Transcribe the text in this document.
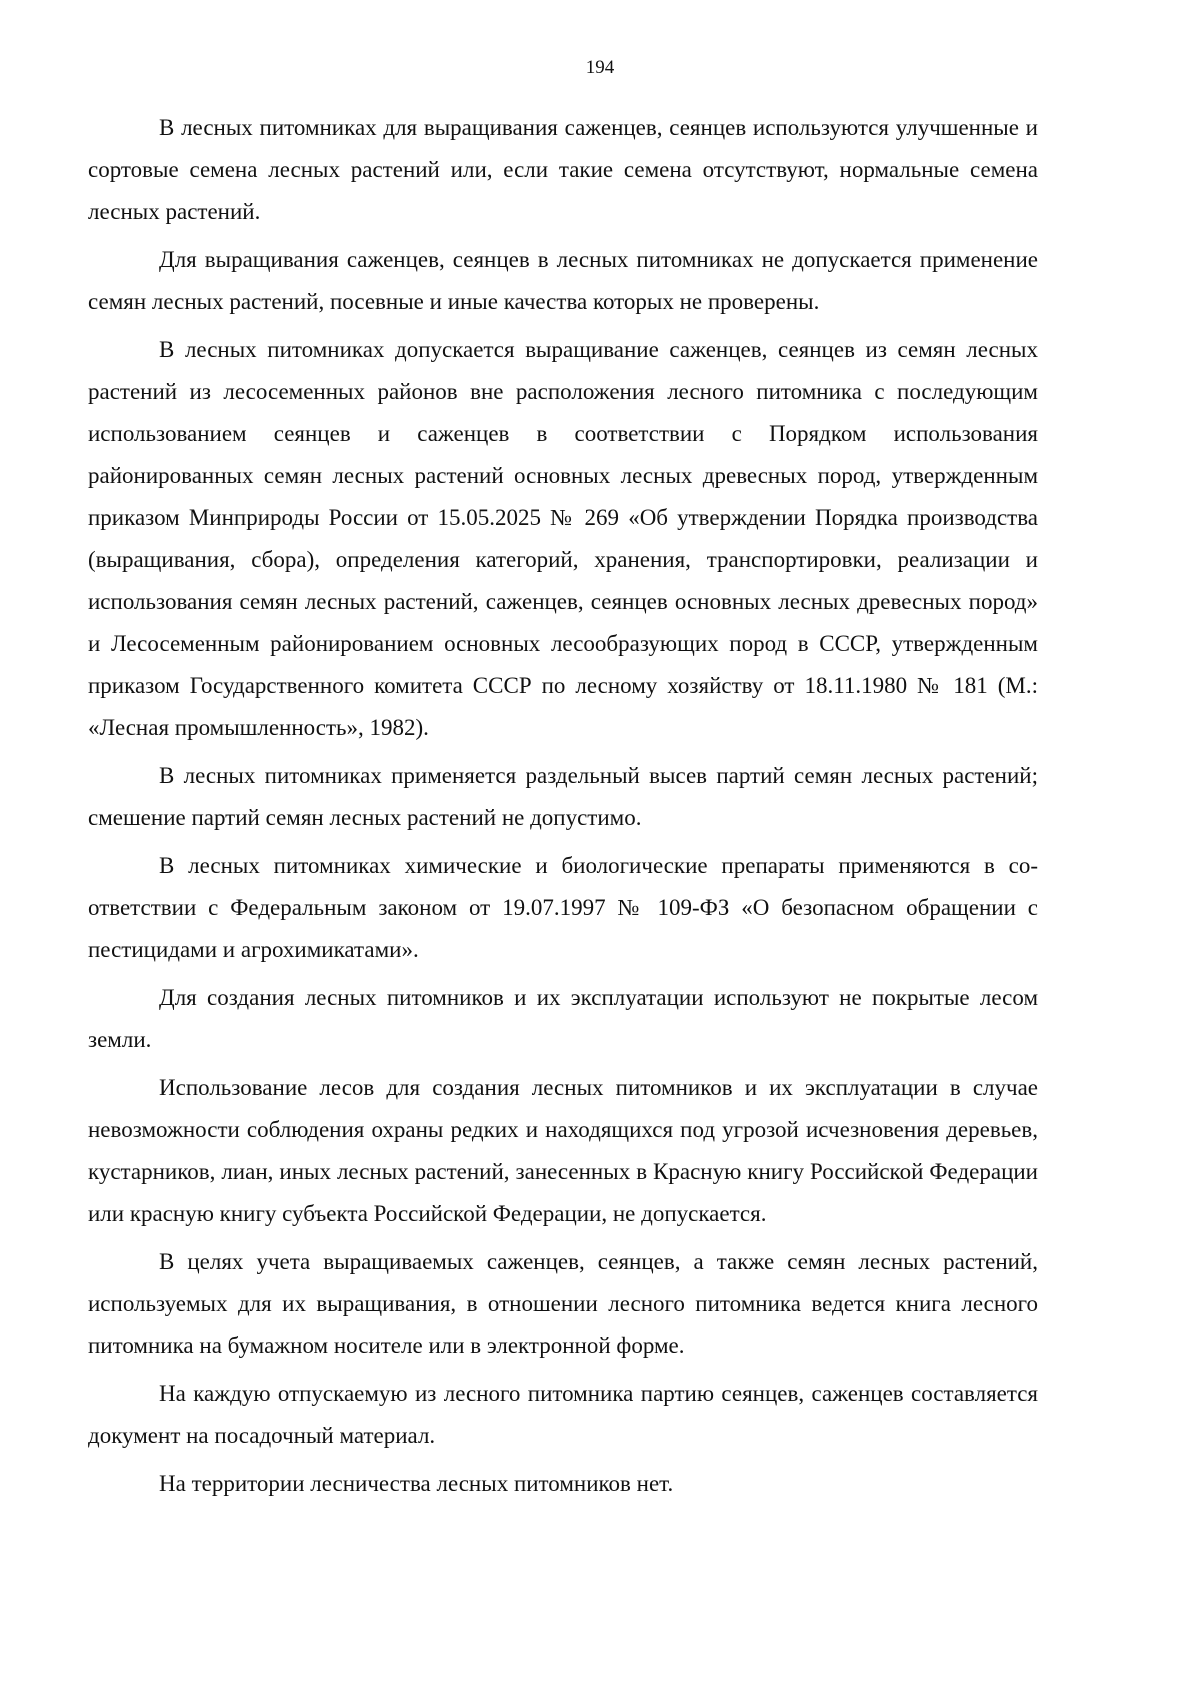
194

В лесных питомниках для выращивания саженцев, сеянцев используются улучшенные и сортовые семена лесных растений или, если такие семена отсутствуют, нормальные семена лесных растений.

Для выращивания саженцев, сеянцев в лесных питомниках не допускается применение семян лесных растений, посевные и иные качества которых не проверены.

В лесных питомниках допускается выращивание саженцев, сеянцев из семян лесных растений из лесосеменных районов вне расположения лесного питомника с последующим использованием сеянцев и саженцев в соответствии с Порядком использования районированных семян лесных растений основных лесных древесных пород, утвержденным приказом Минприроды России от 15.05.2025 № 269 «Об утверждении Порядка производства (выращивания, сбора), определения категорий, хранения, транспортировки, реализации и использования семян лесных растений, саженцев, сеянцев основных лесных древесных пород» и Лесосеменным районированием основных лесообразующих пород в СССР, утвержденным приказом Государственного комитета СССР по лесному хозяйству от 18.11.1980 № 181 (М.: «Лесная промышленность», 1982).

В лесных питомниках применяется раздельный высев партий семян лесных растений; смешение партий семян лесных растений не допустимо.

В лесных питомниках химические и биологические препараты применяются в соответствии с Федеральным законом от 19.07.1997 № 109-ФЗ «О безопасном обращении с пестицидами и агрохимикатами».

Для создания лесных питомников и их эксплуатации используют не покрытые лесом земли.

Использование лесов для создания лесных питомников и их эксплуатации в случае невозможности соблюдения охраны редких и находящихся под угрозой исчезновения деревьев, кустарников, лиан, иных лесных растений, занесенных в Красную книгу Российской Федерации или красную книгу субъекта Российской Федерации, не допускается.

В целях учета выращиваемых саженцев, сеянцев, а также семян лесных растений, используемых для их выращивания, в отношении лесного питомника ведется книга лесного питомника на бумажном носителе или в электронной форме.

На каждую отпускаемую из лесного питомника партию сеянцев, саженцев составляется документ на посадочный материал.

На территории лесничества лесных питомников нет.
